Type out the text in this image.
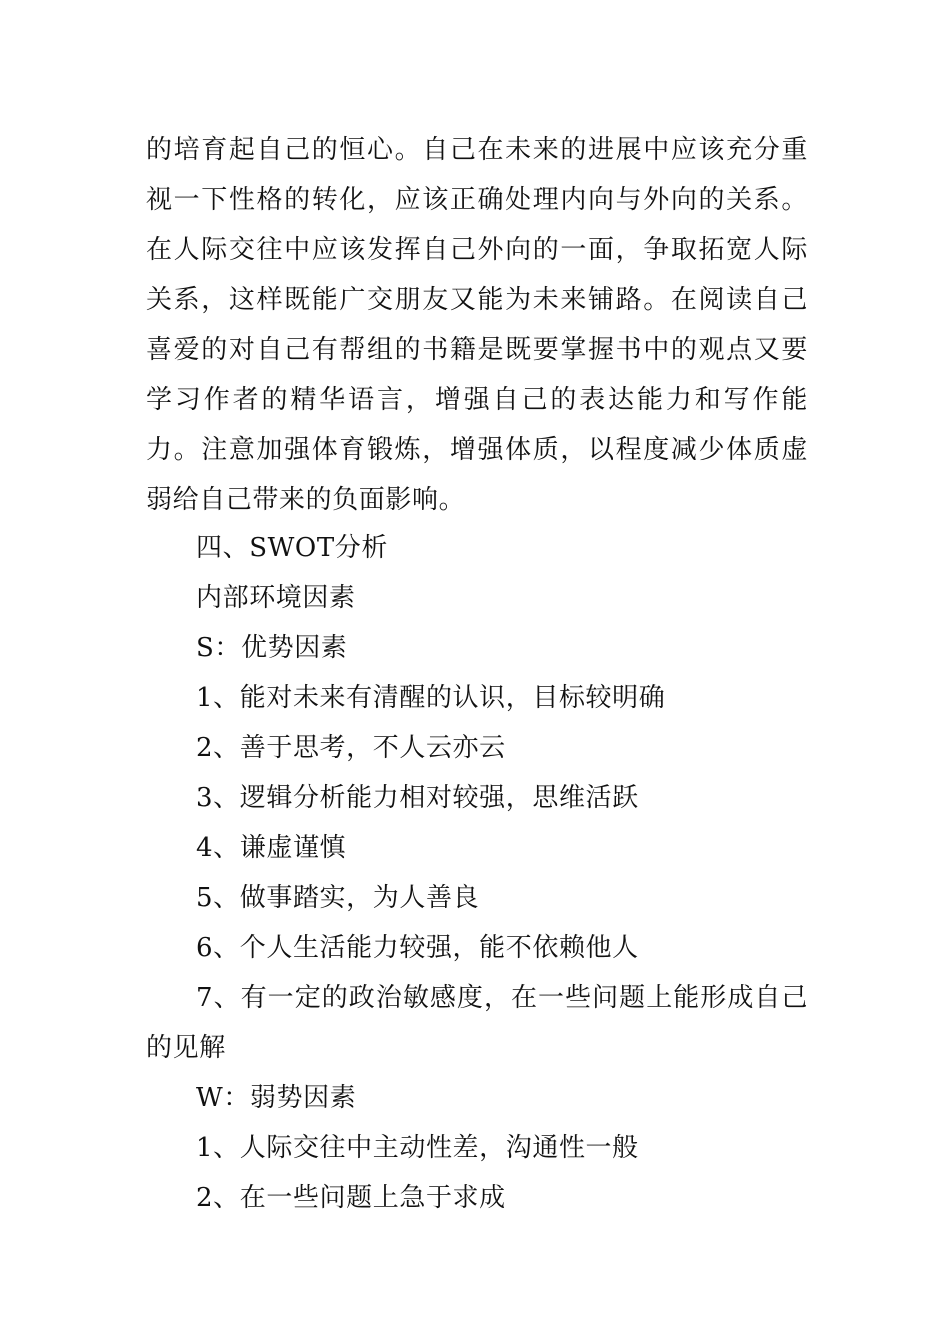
的培育起自己的恒心。自己在未来的进展中应该充分重视一下性格的转化，应该正确处理内向与外向的关系。在人际交往中应该发挥自己外向的一面，争取拓宽人际关系，这样既能广交朋友又能为未来铺路。在阅读自己喜爱的对自己有帮组的书籍是既要掌握书中的观点又要学习作者的精华语言，增强自己的表达能力和写作能力。注意加强体育锻炼，增强体质，以程度减少体质虚弱给自己带来的负面影响。

四、SWOT分析

内部环境因素

S：优势因素

1、能对未来有清醒的认识，目标较明确

2、善于思考，不人云亦云

3、逻辑分析能力相对较强，思维活跃

4、谦虚谨慎

5、做事踏实，为人善良

6、个人生活能力较强，能不依赖他人

7、有一定的政治敏感度，在一些问题上能形成自己的见解

W：弱势因素

1、人际交往中主动性差，沟通性一般

2、在一些问题上急于求成
